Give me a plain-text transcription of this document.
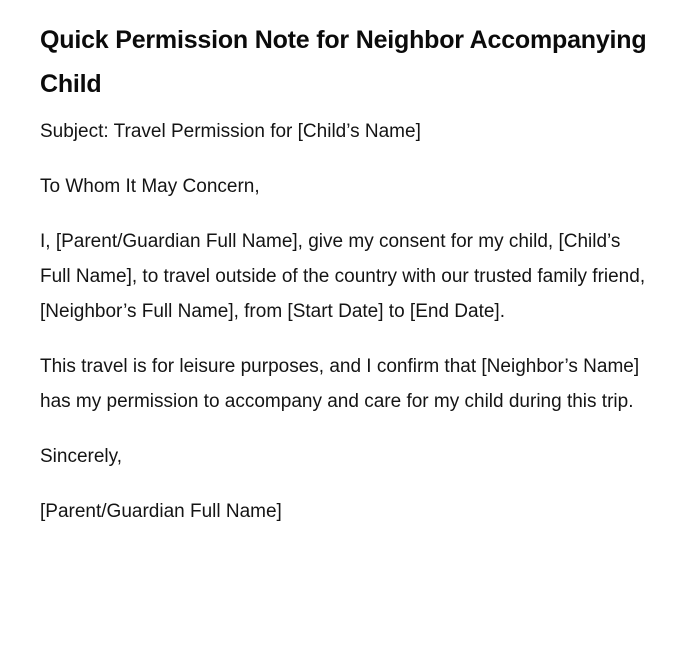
Quick Permission Note for Neighbor Accompanying Child

Subject: Travel Permission for [Child’s Name]

To Whom It May Concern,

I, [Parent/Guardian Full Name], give my consent for my child, [Child’s Full Name], to travel outside of the country with our trusted family friend, [Neighbor’s Full Name], from [Start Date] to [End Date].

This travel is for leisure purposes, and I confirm that [Neighbor’s Name] has my permission to accompany and care for my child during this trip.

Sincerely,

[Parent/Guardian Full Name]
